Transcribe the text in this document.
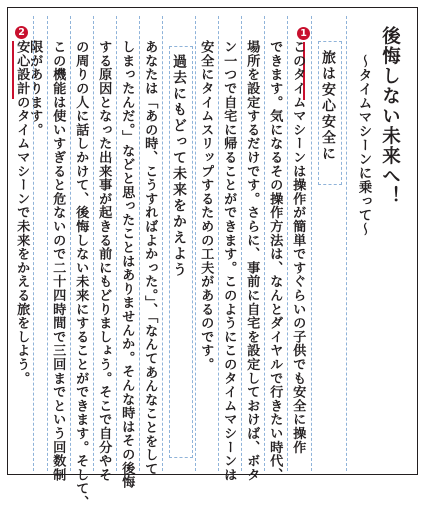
後悔しない未来へ！
〜タイムマシーンに乗って〜
旅は安心安全に
1
このタイムマシーンは操作が簡単ですぐらいの子供でも安全に操作
できます。気になるその操作方法は、なんとダイヤルで行きたい時代、
場所を設定するだけです。さらに、事前に自宅を設定しておけば、ボタ
ン一つで自宅に帰ることができます。このようにこのタイムマシーンは
安全にタイムスリップするための工夫があるのです。
過去にもどって未来をかえよう
あなたは「あの時、こうすればよかった。」、「なんてあんなことをして
しまったんだ。」などと思ったことはありませんか。そんな時はその後悔
する原因となった出来事が起きる前にもどりましょう。そこで自分やそ
の周りの人に話しかけて、後悔しない未来にすることができます。そして、
この機能は使いすぎると危ないので二十四時間で三回までという回数制
限があります。
2
安心設計のタイムマシーンで未来をかえる旅をしよう。
